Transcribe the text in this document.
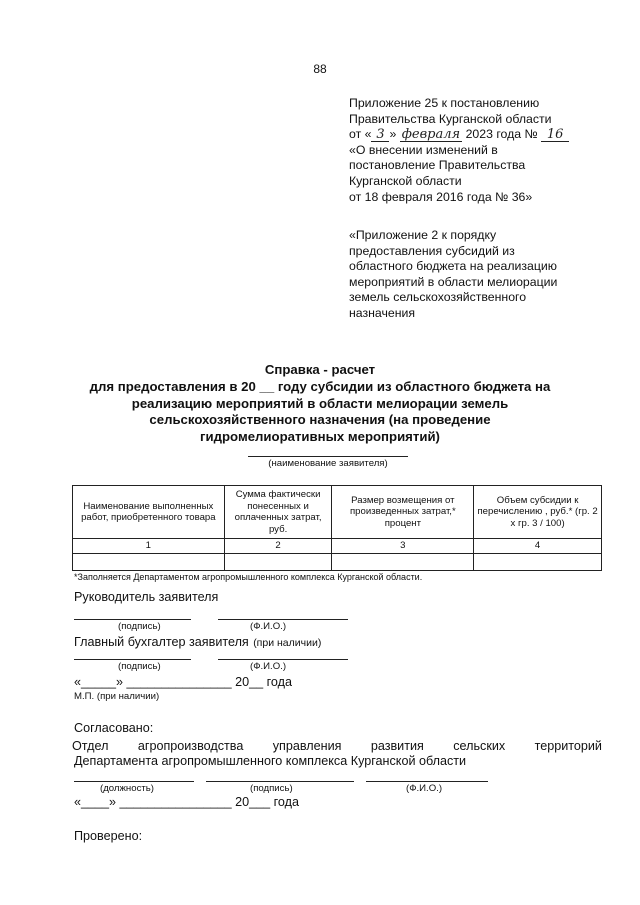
88
Приложение 25 к постановлению
Правительства Курганской области
от « 3 » февраля 2023 года № 16
«О внесении изменений в
постановление Правительства
Курганской области
от 18 февраля 2016 года № 36»
«Приложение 2 к порядку
предоставления субсидий из
областного бюджета на реализацию
мероприятий в области мелиорации
земель сельскохозяйственного
назначения
Справка - расчет
для предоставления в 20 __ году субсидии из областного бюджета на
реализацию мероприятий в области мелиорации земель
сельскохозяйственного назначения (на проведение
гидромелиоративных мероприятий)
(наименование заявителя)
Наименование выполненных работ, приобретенного товара	Сумма фактически понесенных и оплаченных затрат, руб.	Размер возмещения от произведенных затрат,* процент	Объем субсидии к перечислению , руб.* (гр. 2 х гр. 3 / 100)
1	2	3	4

*Заполняется Департаментом агропромышленного комплекса Курганской области.
Руководитель заявителя
(подпись)	(Ф.И.О.)
Главный бухгалтер заявителя (при наличии)
(подпись)	(Ф.И.О.)
«_____» _______________ 20__ года
М.П. (при наличии)
Согласовано:
Отдел агропроизводства управления развития сельских территорий
Департамента агропромышленного комплекса Курганской области
(должность)	(подпись)	(Ф.И.О.)
«____» ________________ 20___ года
Проверено:
